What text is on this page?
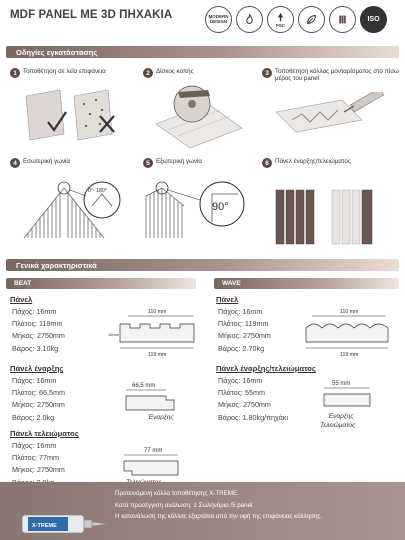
MDF PANEL ME 3D ΠΗΧΑΚΙΑ	MODERN DESIGN
FSC
ISO
Οδηγίες εγκατάστασης
1 Τοποθέτηση σε λεία επιφάνεια	2 Δίσκος κοπής	3 Τοποθέτηση κόλλας μονταρίσματος στο πίσω μέρος του panel
4 Εσωτερική γωνία
0°- 180°
5 Εξωτερική γωνία
90°
6 Πάνελ έναρξης/τελειώματος
Γενικά χαρακτηριστικά
BEAT	WAVE
Πάνελ
Πάχος: 16mm
Πλάτος: 119mm
Μήκος: 2750mm
Βάρος: 3.10kg
110 mm
16mm
119 mm
Πάνελ έναρξης
Πάχος: 16mm
Πλάτος: 66,5mm
Μήκος: 2750mm
Βάρος: 2.0kg
66,5 mm
Έναρξης
Πάνελ τελειώματος
Πάχος: 16mm
Πλάτος: 77mm
Μήκος: 2750mm
77 mm
Πάνελ
Πάχος: 16mm
Πλάτος: 119mm
Μήκος: 2750mm
Βάρος: 2.70kg
110 mm
119 mm
Πάνελ έναρξης/τελειώματος
Πάχος: 16mm
Πλάτος: 55mm
Μήκος: 2750mm
Βάρος: 1.80kg/πηχάκι
55 mm
Έναρξης
Τελειώματος
Προτεινόμενη κόλλα τοποθέτησης X-TREME.
Κατά προσέγγιση ανάλωση: 1 Σωληνάριο /5 panel.
Η κατανάλωση της κόλλας εξαρτάται από την υφή της επιφάνειας κόλλησης.
X-TREME
